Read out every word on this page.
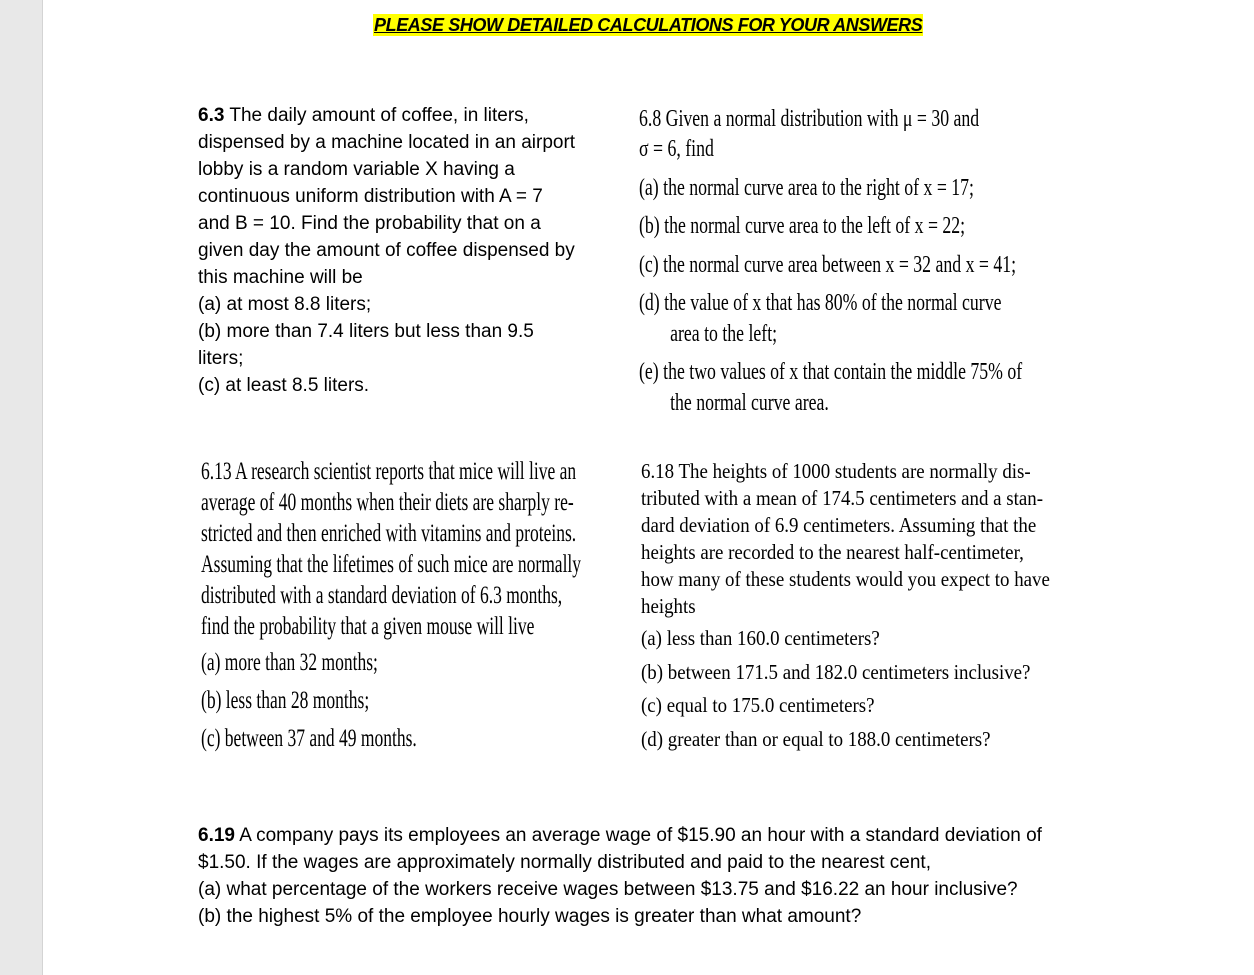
PLEASE SHOW DETAILED CALCULATIONS FOR YOUR ANSWERS
6.3 The daily amount of coffee, in liters,
dispensed by a machine located in an airport
lobby is a random variable X having a
continuous uniform distribution with A = 7
and B = 10. Find the probability that on a
given day the amount of coffee dispensed by
this machine will be
(a) at most 8.8 liters;
(b) more than 7.4 liters but less than 9.5
liters;
(c) at least 8.5 liters.
6.8 Given a normal distribution with μ = 30 and
σ = 6, find
(a) the normal curve area to the right of x = 17;
(b) the normal curve area to the left of x = 22;
(c) the normal curve area between x = 32 and x = 41;
(d) the value of x that has 80% of the normal curve
area to the left;
(e) the two values of x that contain the middle 75% of
the normal curve area.
6.13 A research scientist reports that mice will live an
average of 40 months when their diets are sharply re-
stricted and then enriched with vitamins and proteins.
Assuming that the lifetimes of such mice are normally
distributed with a standard deviation of 6.3 months,
find the probability that a given mouse will live
(a) more than 32 months;
(b) less than 28 months;
(c) between 37 and 49 months.
6.18 The heights of 1000 students are normally dis-
tributed with a mean of 174.5 centimeters and a stan-
dard deviation of 6.9 centimeters. Assuming that the
heights are recorded to the nearest half-centimeter,
how many of these students would you expect to have
heights
(a) less than 160.0 centimeters?
(b) between 171.5 and 182.0 centimeters inclusive?
(c) equal to 175.0 centimeters?
(d) greater than or equal to 188.0 centimeters?
6.19 A company pays its employees an average wage of $15.90 an hour with a standard deviation of
$1.50. If the wages are approximately normally distributed and paid to the nearest cent,
(a) what percentage of the workers receive wages between $13.75 and $16.22 an hour inclusive?
(b) the highest 5% of the employee hourly wages is greater than what amount?
